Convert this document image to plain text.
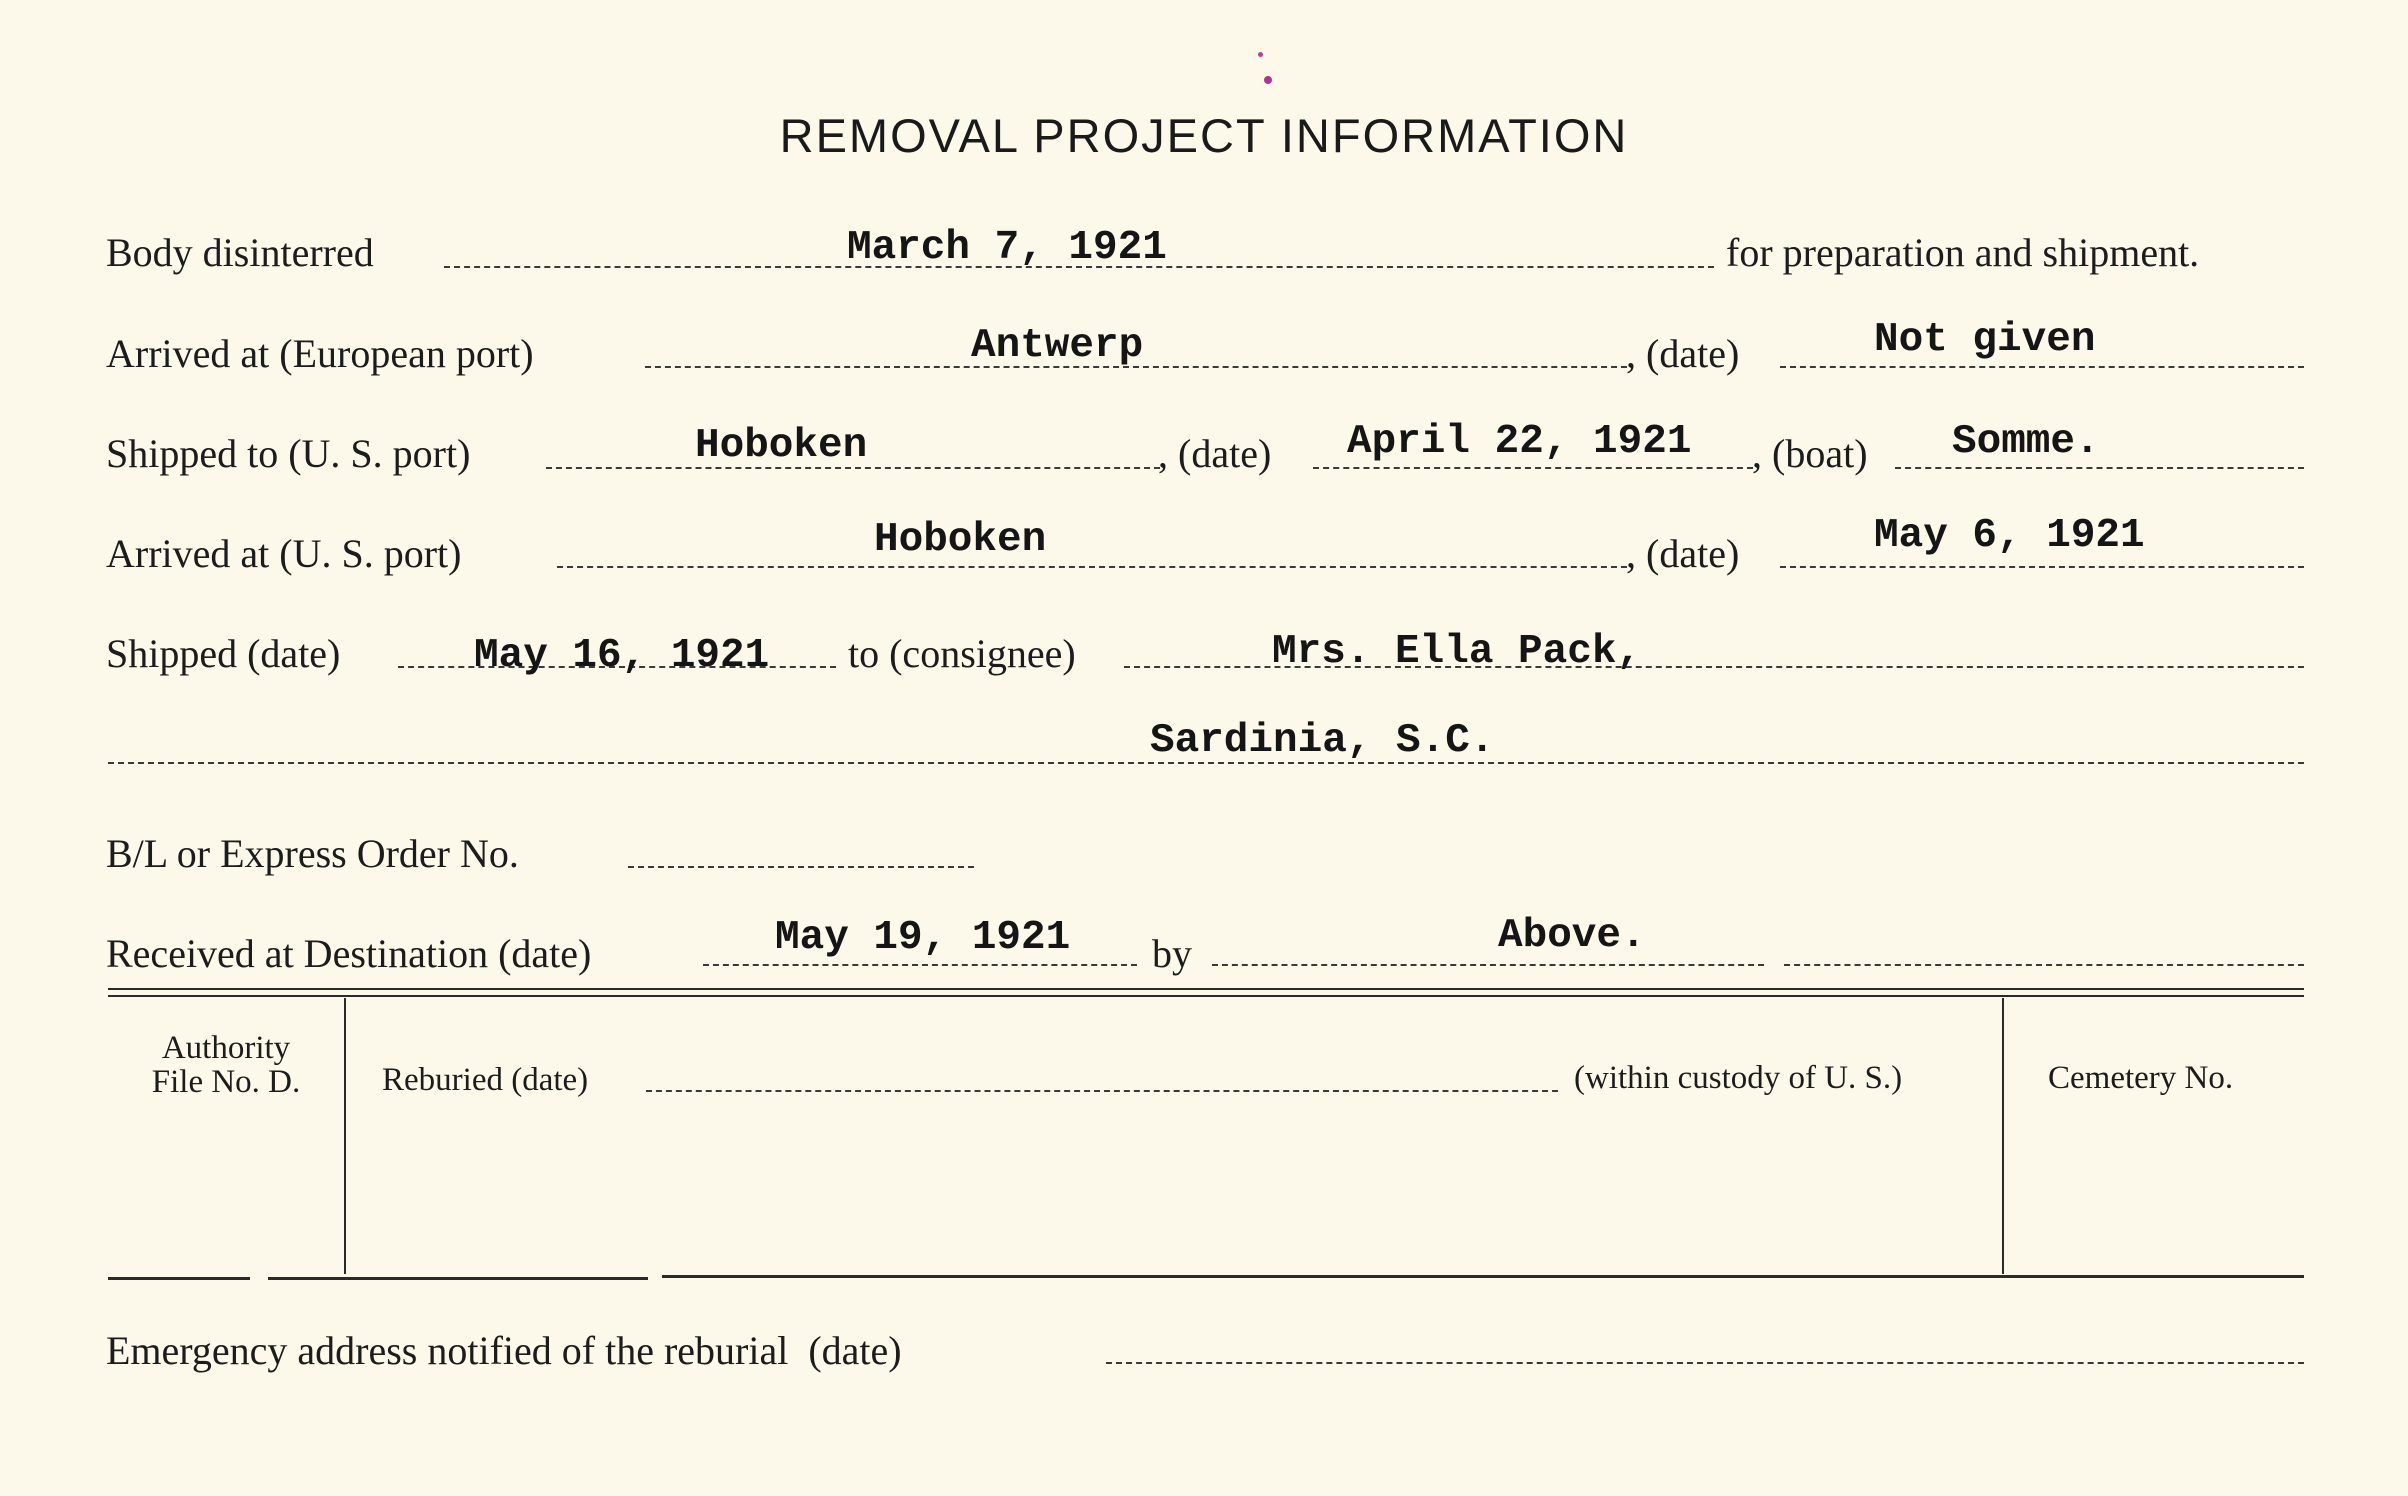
REMOVAL PROJECT INFORMATION
Body disinterred	March 7, 1921	for preparation and shipment.
Arrived at (European port)	Antwerp	, (date)	Not given
Shipped to (U. S. port)	Hoboken	, (date) April 22, 1921 , (boat) Somme.
Arrived at (U. S. port)	Hoboken	, (date)	May 6, 1921
Shipped (date)	May 16, 1921 to (consignee)	Mrs. Ella Pack,
Sardinia, S.C.
B/L or Express Order No.
Received at Destination (date)	May 19, 1921 by	Above.
Authority
File No. D.	Reburied (date)	(within custody of U. S.)	Cemetery No.
Emergency address notified of the reburial  (date)
